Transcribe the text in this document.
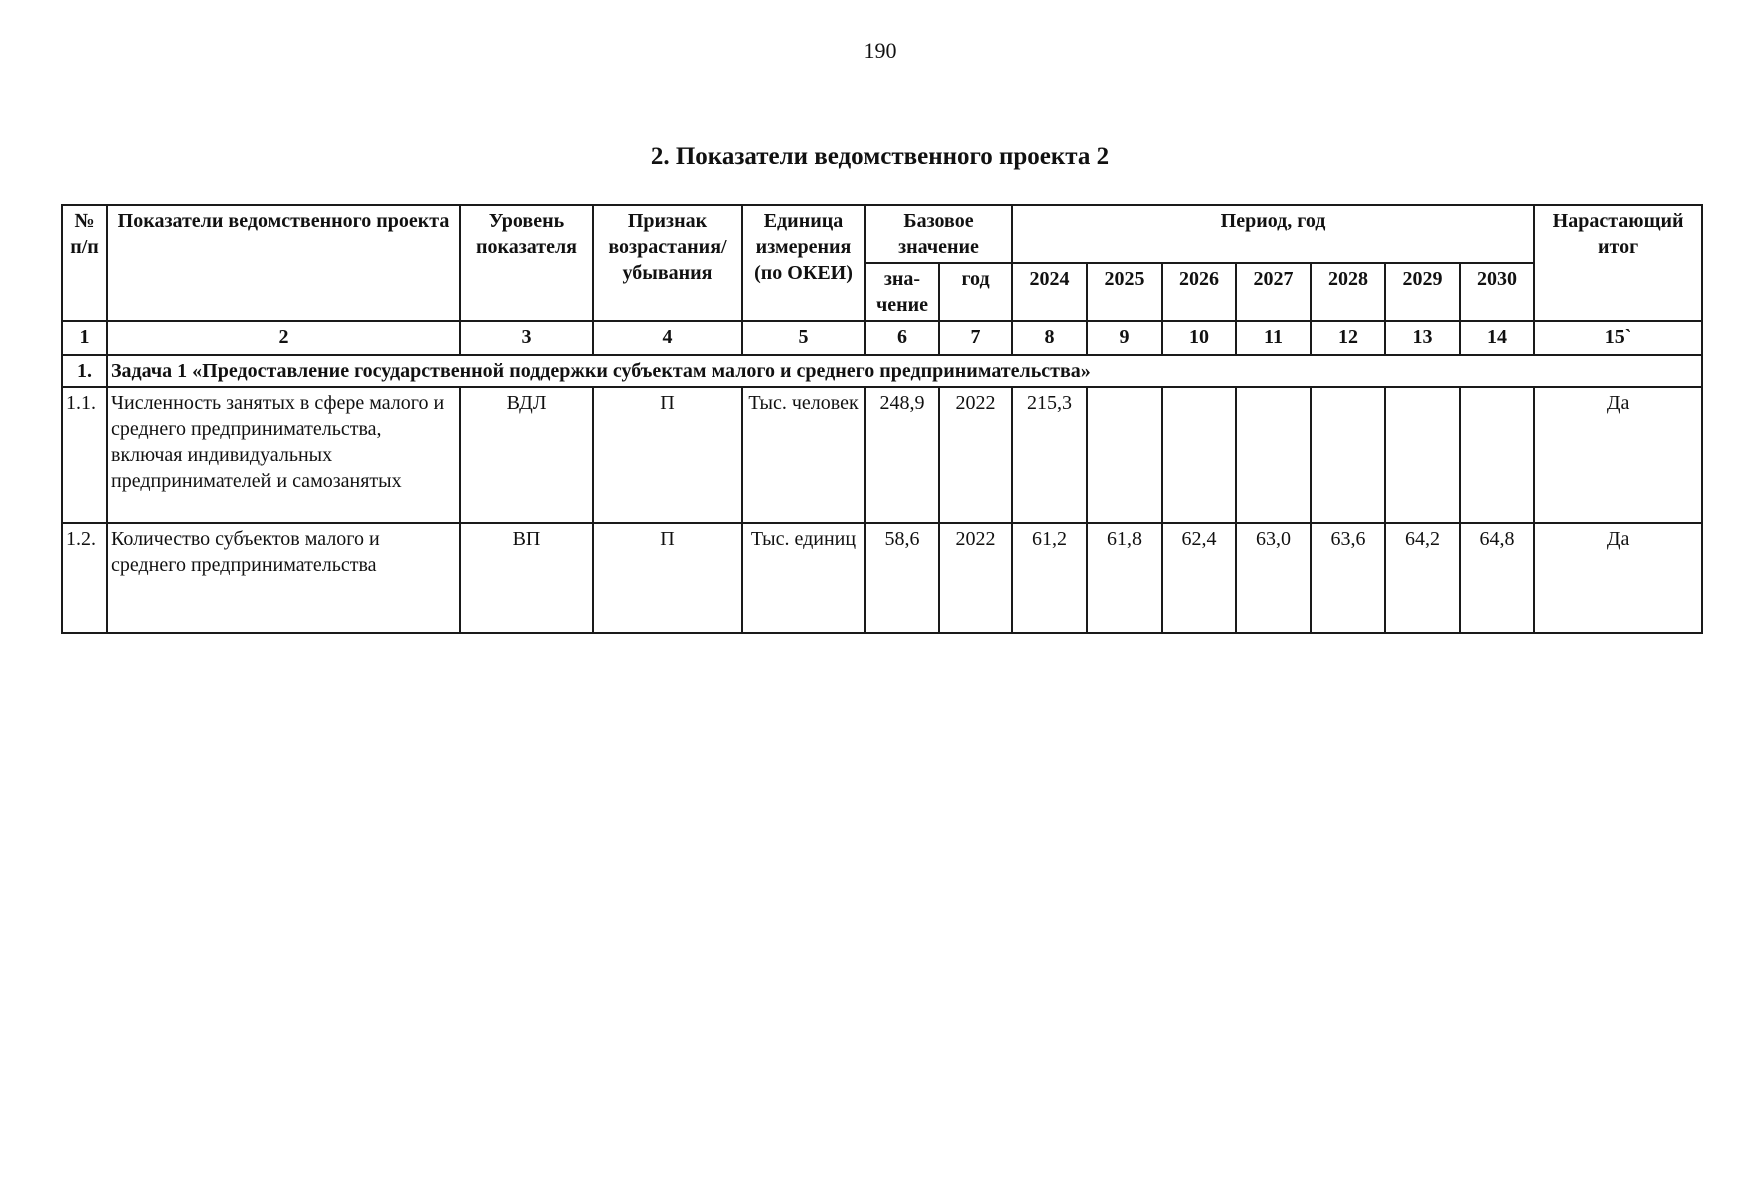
190
2. Показатели ведомственного проекта 2
№ п/п	Показатели ведомственного проекта	Уровень показателя	Признак возрастания/ убывания	Единица измерения (по ОКЕИ)	Базовое значение		Период, год							Нарастающий итог
					зна-чение	год	2024	2025	2026	2027	2028	2029	2030	
1	2	3	4	5	6	7	8	9	10	11	12	13	14	15`
1.	Задача 1 «Предоставление государственной поддержки субъектам малого и среднего предпринимательства»													
1.1.	Численность занятых в сфере малого и среднего предпринимательства, включая индивидуальных предпринимателей и самозанятых	ВДЛ	П	Тыс. человек	248,9	2022	215,3							Да
1.2.	Количество субъектов малого и среднего предпринимательства	ВП	П	Тыс. единиц	58,6	2022	61,2	61,8	62,4	63,0	63,6	64,2	64,8	Да
